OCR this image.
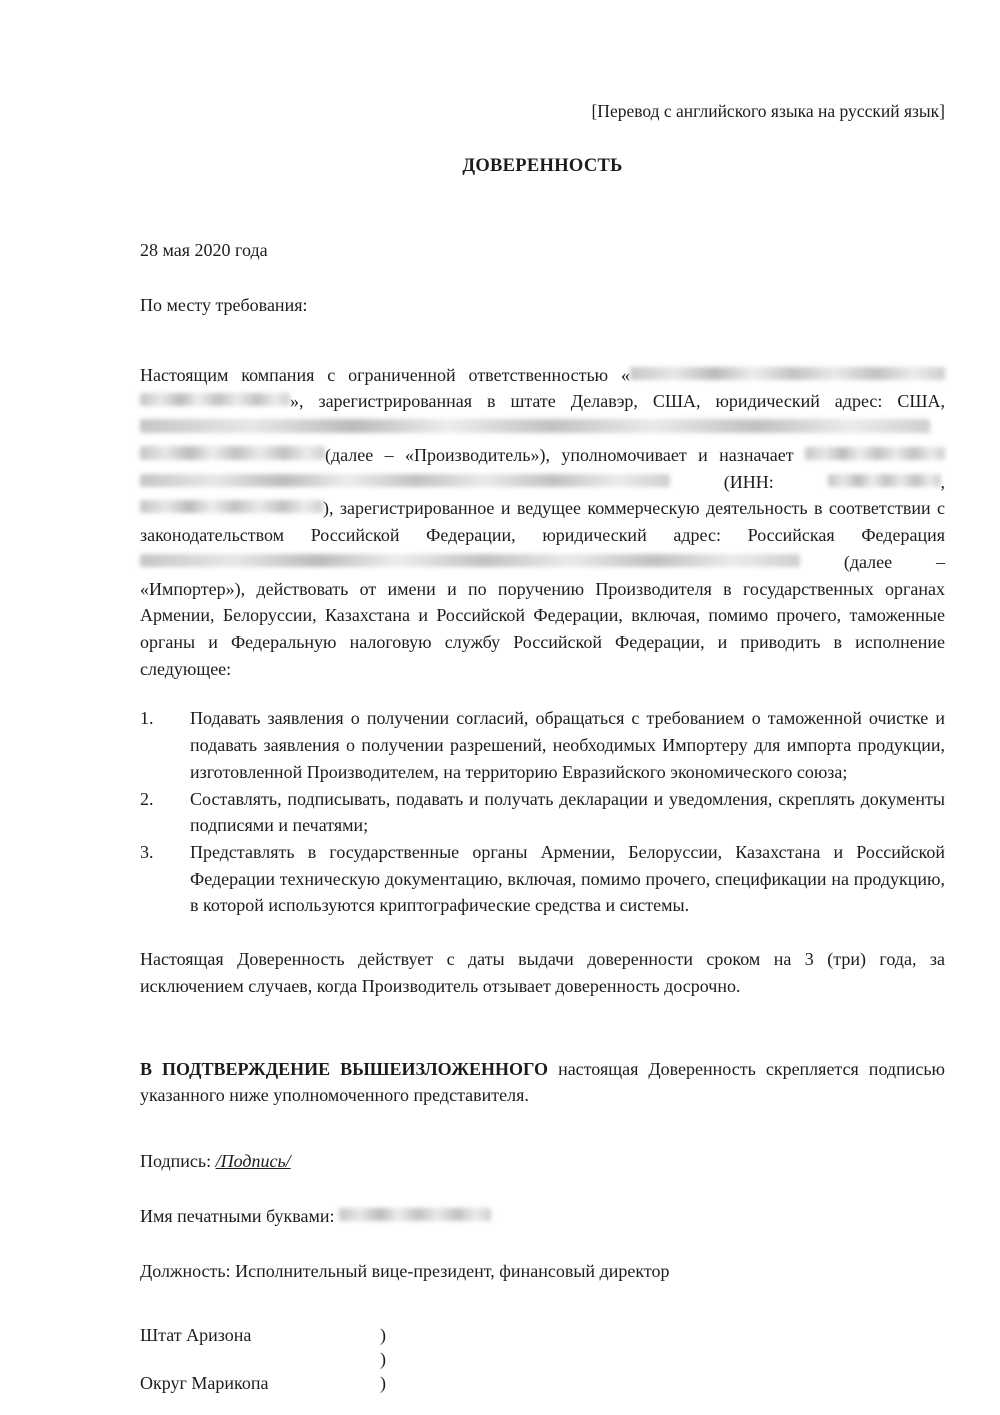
[Перевод с английского языка на русский язык]
ДОВЕРЕННОСТЬ
28 мая 2020 года
По месту требования:
Настоящим компания с ограниченной ответственностью «», зарегистрированная в штате Делавэр, США, юридический адрес: США, (далее – «Производитель»), уполномочивает и назначает  (ИНН:	, ), зарегистрированное и ведущее коммерческую деятельность в соответствии с законодательством Российской Федерации, юридический адрес: Российская Федерация (далее – «Импортер»), действовать от имени и по поручению Производителя в государственных органах Армении, Белоруссии, Казахстана и Российской Федерации, включая, помимо прочего, таможенные органы и Федеральную налоговую службу Российской Федерации, и приводить в исполнение следующее:
1.	Подавать заявления о получении согласий, обращаться с требованием о таможенной очистке и подавать заявления о получении разрешений, необходимых Импортеру для импорта продукции, изготовленной Производителем, на территорию Евразийского экономического союза;
2.	Составлять, подписывать, подавать и получать декларации и уведомления, скреплять документы подписями и печатями;
3.	Представлять в государственные органы Армении, Белоруссии, Казахстана и Российской Федерации техническую документацию, включая, помимо прочего, спецификации на продукцию, в которой используются криптографические средства и системы.
Настоящая Доверенность действует с даты выдачи доверенности сроком на 3 (три) года, за исключением случаев, когда Производитель отзывает доверенность досрочно.
В ПОДТВЕРЖДЕНИЕ ВЫШЕИЗЛОЖЕННОГО настоящая Доверенность скрепляется подписью указанного ниже уполномоченного представителя.
Подпись: /Подпись/
Имя печатными буквами:
Должность: Исполнительный вице-президент, финансовый директор
Штат Аризона	)
)
Округ Марикопа	)
